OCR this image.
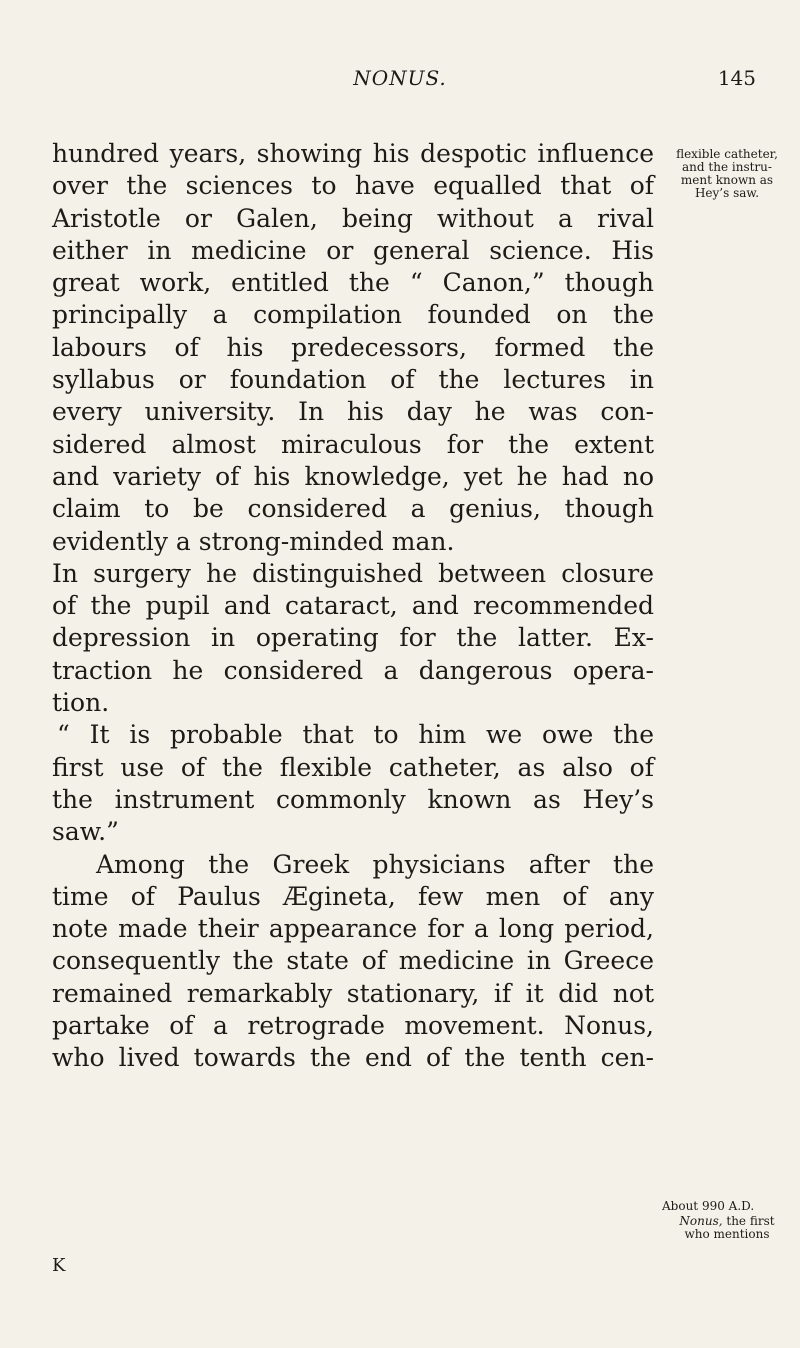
NONUS.	145
hundred years, showing his despotic influence
over the sciences to have equalled that of
Aristotle or Galen, being without a rival
either in medicine or general science. His
great work, entitled the “ Canon,” though
principally a compilation founded on the
labours of his predecessors, formed the
syllabus or foundation of the lectures in
every university. In his day he was con-
sidered almost miraculous for the extent
and variety of his knowledge, yet he had no
claim to be considered a genius, though
evidently a strong-minded man.
In surgery he distinguished between closure
of the pupil and cataract, and recommended
depression in operating for the latter. Ex-
traction he considered a dangerous opera-
tion.
“ It is probable that to him we owe the
first use of the flexible catheter, as also of
the instrument commonly known as Hey’s
saw.”
Among the Greek physicians after the
time of Paulus Ægineta, few men of any
note made their appearance for a long period,
consequently the state of medicine in Greece
remained remarkably stationary, if it did not
partake of a retrograde movement. Nonus,
who lived towards the end of the tenth cen-
flexible catheter,
and the instru-
ment known as
Hey’s saw.
About 990 A.D.
Nonus, the first
who mentions
K
